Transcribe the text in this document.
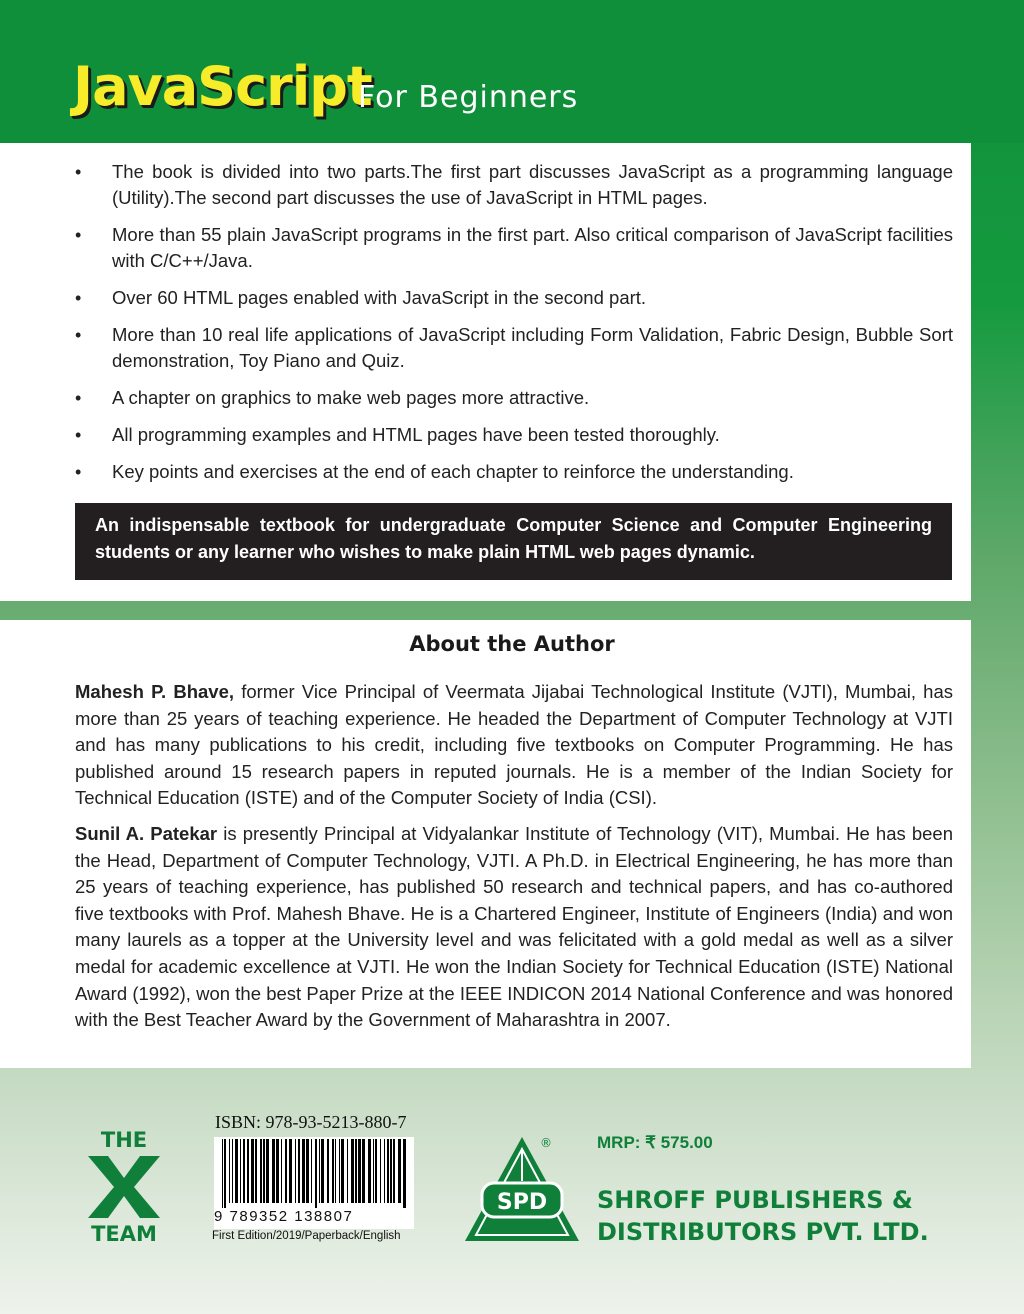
JavaScript
For Beginners
• The book is divided into two parts.The first part discusses JavaScript as a programming language (Utility).The second part discusses the use of JavaScript in HTML pages.
• More than 55 plain JavaScript programs in the first part. Also critical comparison of JavaScript facilities with C/C++/Java.
• Over 60 HTML pages enabled with JavaScript in the second part.
• More than 10 real life applications of JavaScript including Form Validation, Fabric Design, Bubble Sort demonstration, Toy Piano and Quiz.
• A chapter on graphics to make web pages more attractive.
• All programming examples and HTML pages have been tested thoroughly.
• Key points and exercises at the end of each chapter to reinforce the understanding.
An indispensable textbook for undergraduate Computer Science and Computer Engineering students or any learner who wishes to make plain HTML web pages dynamic.
About the Author

Mahesh P. Bhave, former Vice Principal of Veermata Jijabai Technological Institute (VJTI), Mumbai, has more than 25 years of teaching experience. He headed the Department of Computer Technology at VJTI and has many publications to his credit, including five textbooks on Computer Programming. He has published around 15 research papers in reputed journals. He is a member of the Indian Society for Technical Education (ISTE) and of the Computer Society of India (CSI).

Sunil A. Patekar is presently Principal at Vidyalankar Institute of Technology (VIT), Mumbai. He has been the Head, Department of Computer Technology, VJTI. A Ph.D. in Electrical Engineering, he has more than 25 years of teaching experience, has published 50 research and technical papers, and has co-authored five textbooks with Prof. Mahesh Bhave. He is a Chartered Engineer, Institute of Engineers (India) and won many laurels as a topper at the University level and was felicitated with a gold medal as well as a silver medal for academic excellence at VJTI. He won the Indian Society for Technical Education (ISTE) National Award (1992), won the best Paper Prize at the IEEE INDICON 2014 National Conference and was honored with the Best Teacher Award by the Government of Maharashtra in 2007.

THE
TEAM
ISBN: 978-93-5213-880-7
9 789352 138807
First Edition/2019/Paperback/English
SPD
®	MRP: ₹ 575.00
SHROFF PUBLISHERS &
DISTRIBUTORS PVT. LTD.
